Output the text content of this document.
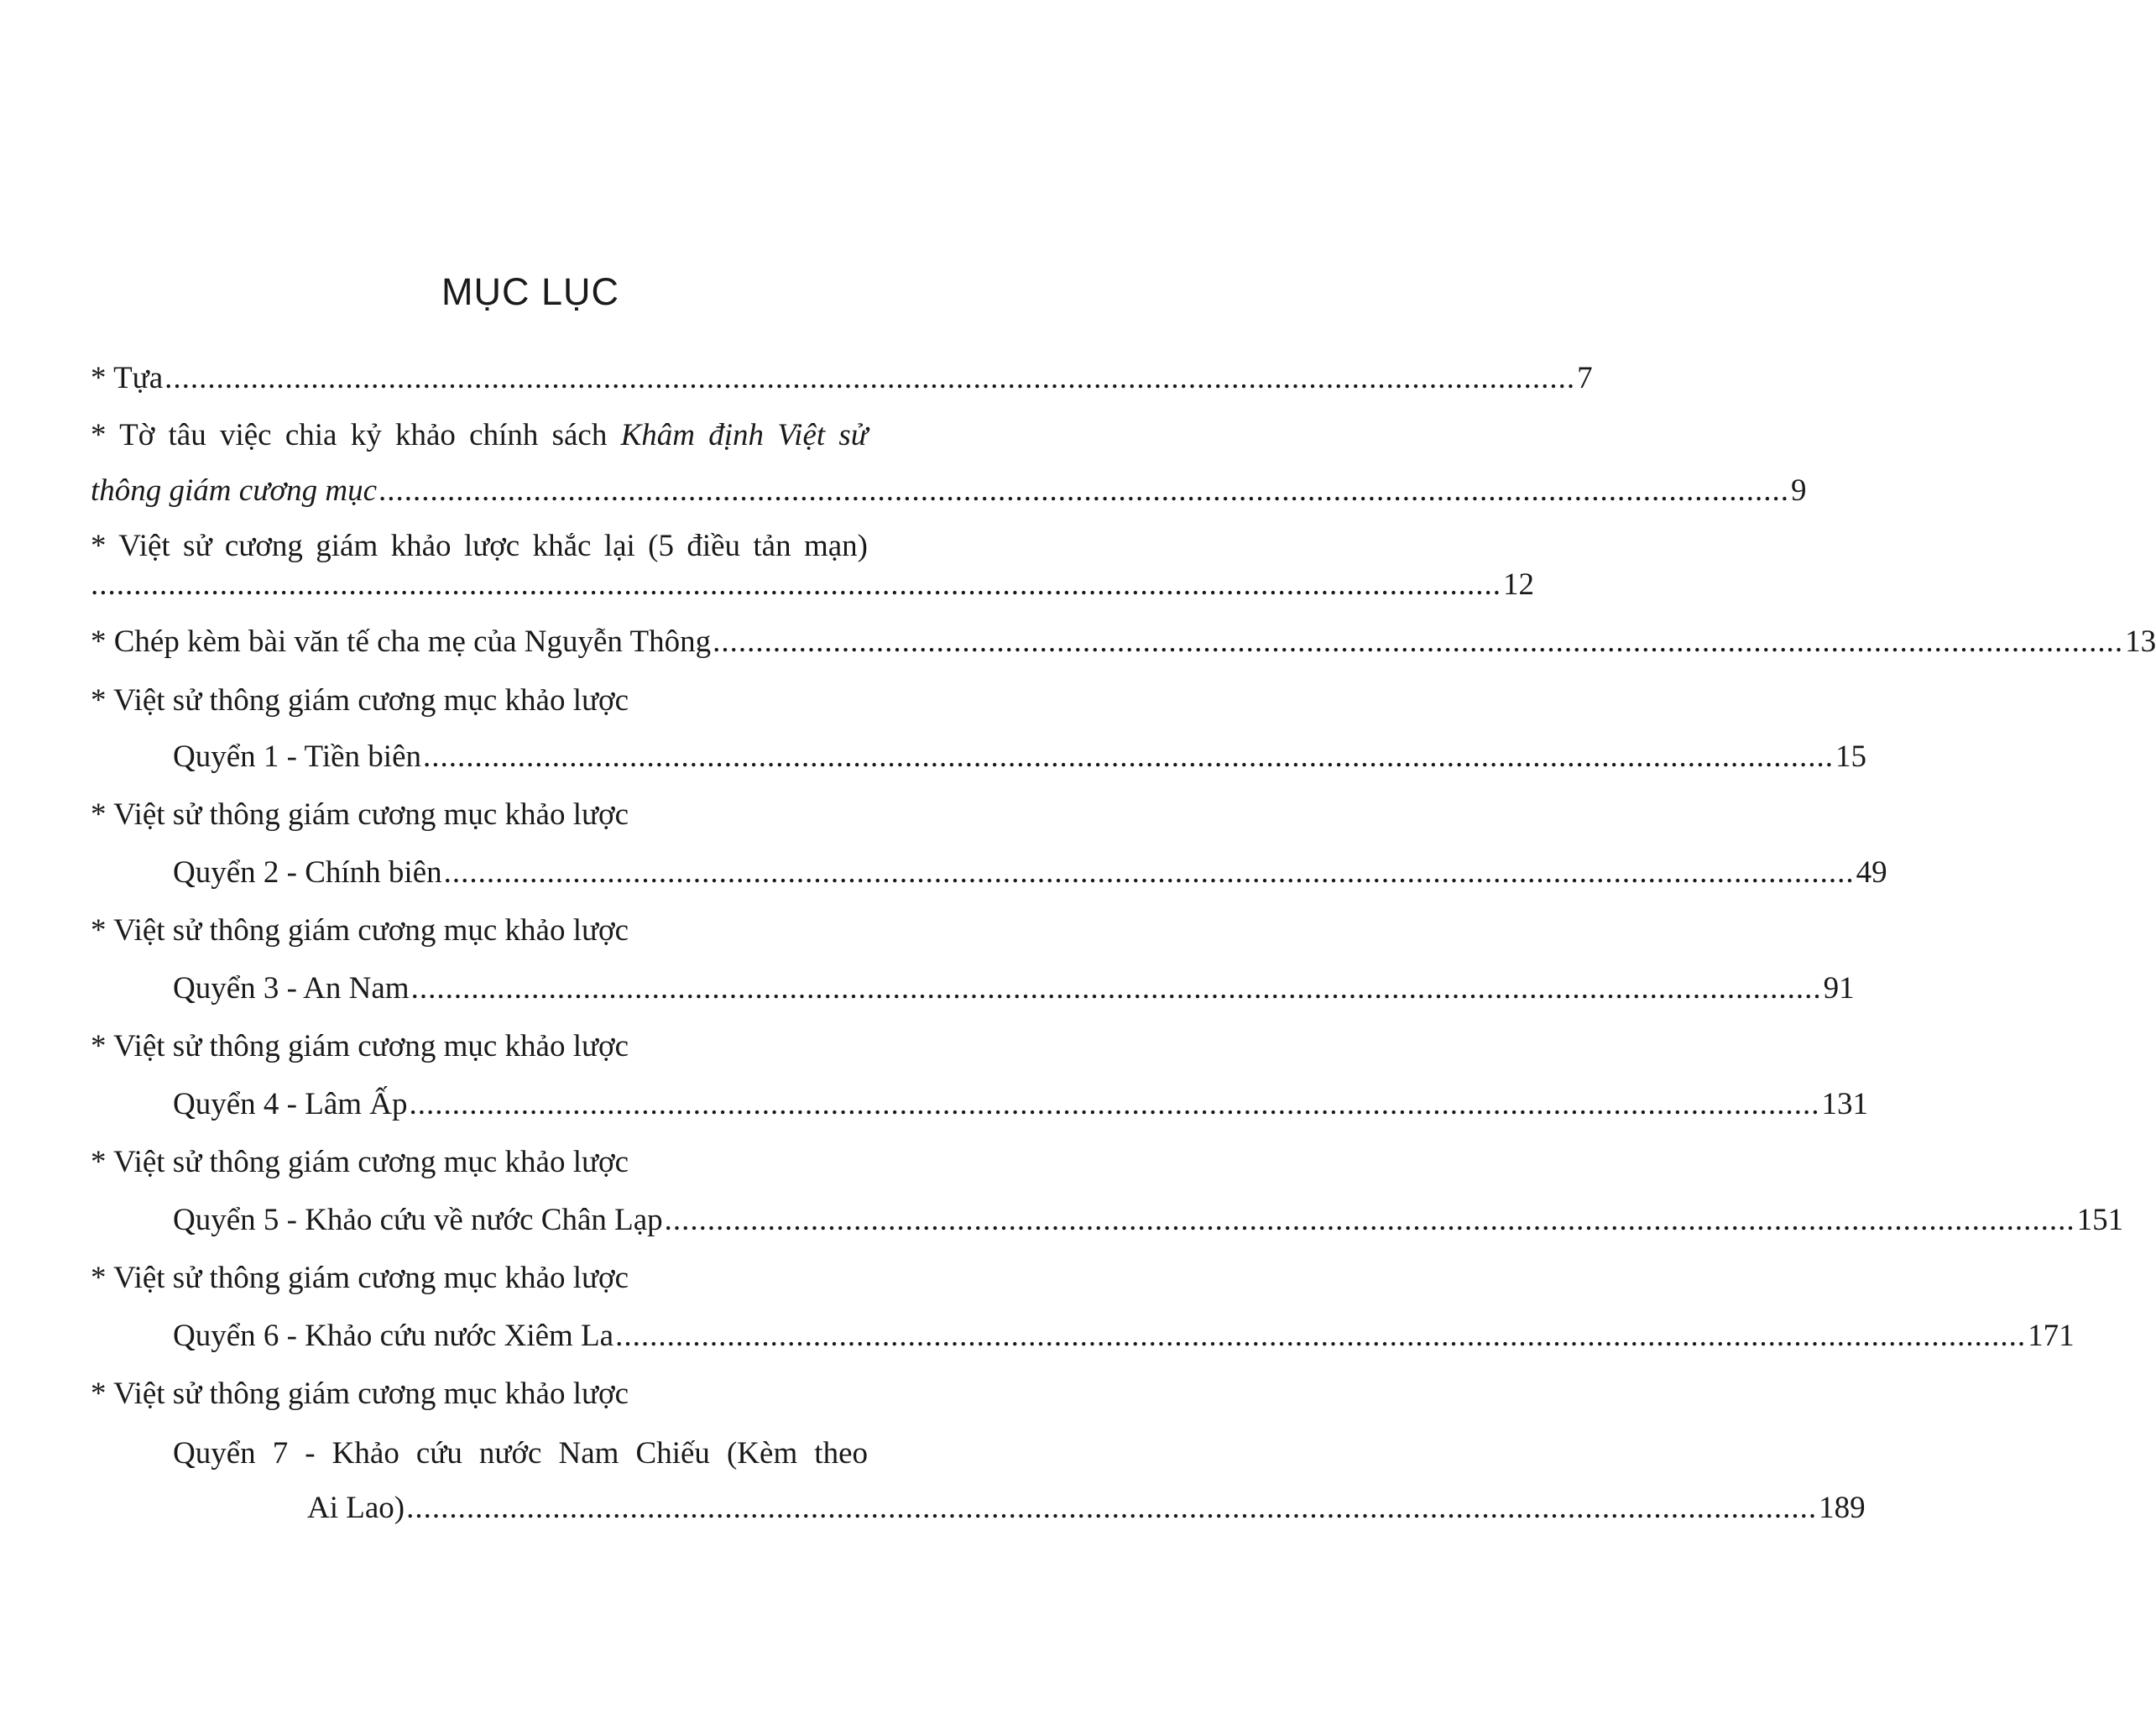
MỤC LỤC
* Tựa .................................................................................................................................................................... 7
* Tờ tâu việc chia kỷ khảo chính sách Khâm định Việt sử
thông giám cương mục .................................................................................................................................................................... 9
* Việt sử cương giám khảo lược khắc lại (5 điều tản mạn)
.................................................................................................................................................................... 12
* Chép kèm bài văn tế cha mẹ của Nguyễn Thông .................................................................................................................................................................... 13
* Việt sử thông giám cương mục khảo lược
Quyển 1 - Tiền biên .................................................................................................................................................................... 15
* Việt sử thông giám cương mục khảo lược
Quyển 2 - Chính biên .................................................................................................................................................................... 49
* Việt sử thông giám cương mục khảo lược
Quyển 3 - An Nam .................................................................................................................................................................... 91
* Việt sử thông giám cương mục khảo lược
Quyển 4 - Lâm Ấp .................................................................................................................................................................... 131
* Việt sử thông giám cương mục khảo lược
Quyển 5 - Khảo cứu về nước Chân Lạp .................................................................................................................................................................... 151
* Việt sử thông giám cương mục khảo lược
Quyển 6 - Khảo cứu nước Xiêm La .................................................................................................................................................................... 171
* Việt sử thông giám cương mục khảo lược
Quyển 7 - Khảo cứu nước Nam Chiếu (Kèm theo
Ai Lao) .................................................................................................................................................................... 189
